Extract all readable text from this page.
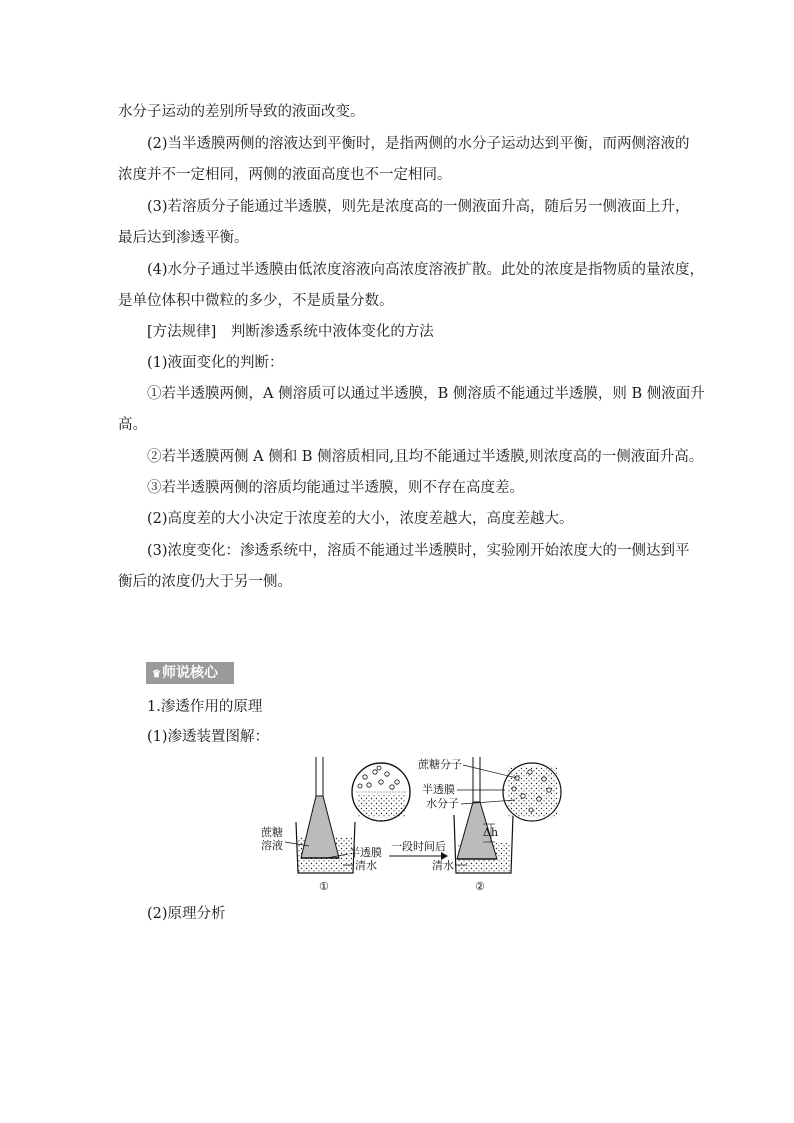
水分子运动的差别所导致的液面改变。
(2)当半透膜两侧的溶液达到平衡时，是指两侧的水分子运动达到平衡，而两侧溶液的
浓度并不一定相同，两侧的液面高度也不一定相同。
(3)若溶质分子能通过半透膜，则先是浓度高的一侧液面升高，随后另一侧液面上升，
最后达到渗透平衡。
(4)水分子通过半透膜由低浓度溶液向高浓度溶液扩散。此处的浓度是指物质的量浓度，
是单位体积中微粒的多少，不是质量分数。
[方法规律]　判断渗透系统中液体变化的方法
(1)液面变化的判断：
①若半透膜两侧，A 侧溶质可以通过半透膜，B 侧溶质不能通过半透膜，则 B 侧液面升
高。
②若半透膜两侧 A 侧和 B 侧溶质相同,且均不能通过半透膜,则浓度高的一侧液面升高。
③若半透膜两侧的溶质均能通过半透膜，则不存在高度差。
(2)高度差的大小决定于浓度差的大小，浓度差越大，高度差越大。
(3)浓度变化：渗透系统中，溶质不能通过半透膜时，实验刚开始浓度大的一侧达到平
衡后的浓度仍大于另一侧。
♛师说核心
1.渗透作用的原理
(1)渗透装置图解：
蔗糖
溶液
半透膜
清水
①
一段时间后
Δh
蔗糖分子
半透膜
水分子
清水
②
(2)原理分析
